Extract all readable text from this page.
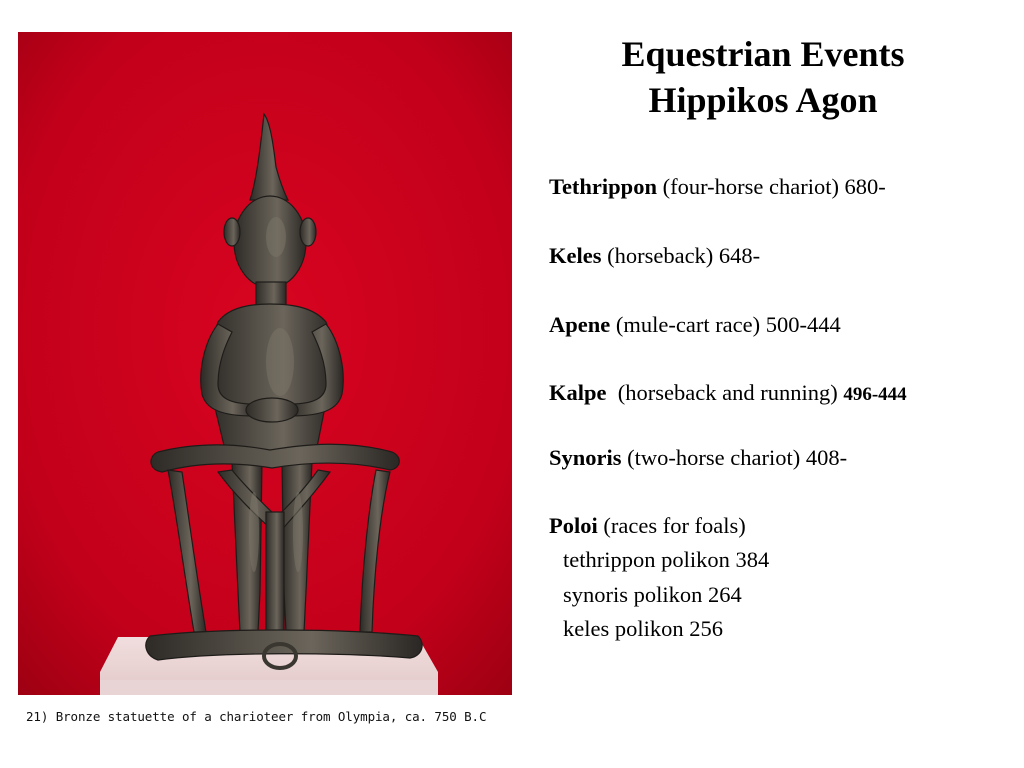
21) Bronze statuette of a charioteer from Olympia, ca. 750 B.C
Equestrian Events
Hippikos Agon
Tethrippon (four-horse chariot) 680-
Keles (horseback) 648-
Apene (mule-cart race) 500-444
Kalpe  (horseback and running) 496-444
Synoris (two-horse chariot) 408-
Poloi (races for foals)
tethrippon polikon 384
synoris polikon 264
keles polikon 256
